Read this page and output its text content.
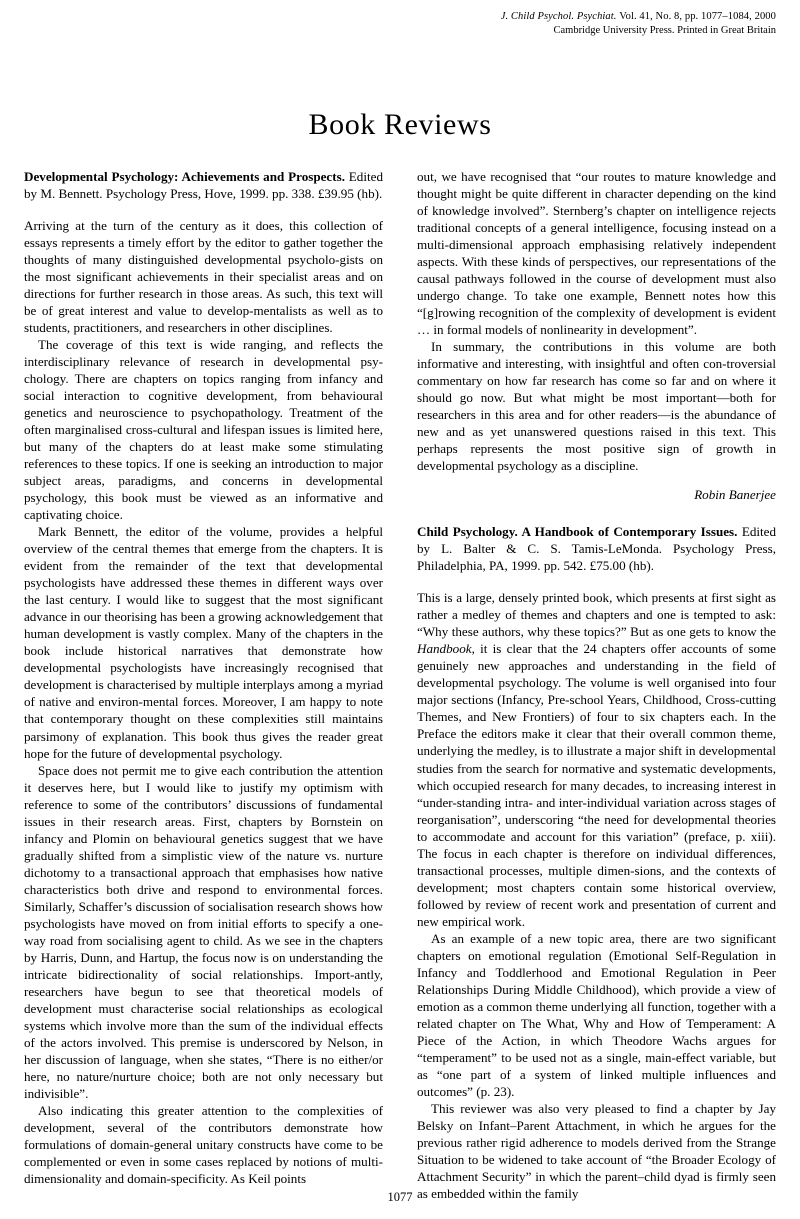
J. Child Psychol. Psychiat. Vol. 41, No. 8, pp. 1077–1084, 2000
Cambridge University Press. Printed in Great Britain
Book Reviews
Developmental Psychology: Achievements and Prospects. Edited by M. Bennett. Psychology Press, Hove, 1999. pp. 338. £39.95 (hb).

Arriving at the turn of the century as it does, this collection of essays represents a timely effort by the editor to gather together the thoughts of many distinguished developmental psycholo-gists on the most significant achievements in their specialist areas and on directions for further research in those areas. As such, this text will be of great interest and value to develop-mentalists as well as to students, practitioners, and researchers in other disciplines.

The coverage of this text is wide ranging, and reflects the interdisciplinary relevance of research in developmental psy-chology. There are chapters on topics ranging from infancy and social interaction to cognitive development, from behavioural genetics and neuroscience to psychopathology. Treatment of the often marginalised cross-cultural and lifespan issues is limited here, but many of the chapters do at least make some stimulating references to these topics. If one is seeking an introduction to major subject areas, paradigms, and concerns in developmental psychology, this book must be viewed as an informative and captivating choice.

Mark Bennett, the editor of the volume, provides a helpful overview of the central themes that emerge from the chapters. It is evident from the remainder of the text that developmental psychologists have addressed these themes in different ways over the last century. I would like to suggest that the most significant advance in our theorising has been a growing acknowledgement that human development is vastly complex. Many of the chapters in the book include historical narratives that demonstrate how developmental psychologists have increasingly recognised that development is characterised by multiple interplays among a myriad of native and environ-mental forces. Moreover, I am happy to note that contemporary thought on these complexities still maintains parsimony of explanation. This book thus gives the reader great hope for the future of developmental psychology.

Space does not permit me to give each contribution the attention it deserves here, but I would like to justify my optimism with reference to some of the contributors’ discussions of fundamental issues in their research areas. First, chapters by Bornstein on infancy and Plomin on behavioural genetics suggest that we have gradually shifted from a simplistic view of the nature vs. nurture dichotomy to a transactional approach that emphasises how native characteristics both drive and respond to environmental forces. Similarly, Schaffer’s discussion of socialisation research shows how psychologists have moved on from initial efforts to specify a one-way road from socialising agent to child. As we see in the chapters by Harris, Dunn, and Hartup, the focus now is on understanding the intricate bidirectionality of social relationships. Import-antly, researchers have begun to see that theoretical models of development must characterise social relationships as ecological systems which involve more than the sum of the individual effects of the actors involved. This premise is underscored by Nelson, in her discussion of language, when she states, “There is no either/or here, no nature/nurture choice; both are not only necessary but indivisible”.

Also indicating this greater attention to the complexities of development, several of the contributors demonstrate how formulations of domain-general unitary constructs have come to be complemented or even in some cases replaced by notions of multi-dimensionality and domain-specificity. As Keil points

out, we have recognised that “our routes to mature knowledge and thought might be quite different in character depending on the kind of knowledge involved”. Sternberg’s chapter on intelligence rejects traditional concepts of a general intelligence, focusing instead on a multi-dimensional approach emphasising relatively independent aspects. With these kinds of perspectives, our representations of the causal pathways followed in the course of development must also undergo change. To take one example, Bennett notes how this “[g]rowing recognition of the complexity of development is evident … in formal models of nonlinearity in development”.

In summary, the contributions in this volume are both informative and interesting, with insightful and often con-troversial commentary on how far research has come so far and on where it should go now. But what might be most important—both for researchers in this area and for other readers—is the abundance of new and as yet unanswered questions raised in this text. This perhaps represents the most positive sign of growth in developmental psychology as a discipline.

Robin Banerjee
Child Psychology. A Handbook of Contemporary Issues. Edited by L. Balter & C. S. Tamis-LeMonda. Psychology Press, Philadelphia, PA, 1999. pp. 542. £75.00 (hb).

This is a large, densely printed book, which presents at first sight as rather a medley of themes and chapters and one is tempted to ask: “Why these authors, why these topics?” But as one gets to know the Handbook, it is clear that the 24 chapters offer accounts of some genuinely new approaches and understanding in the field of developmental psychology. The volume is well organised into four major sections (Infancy, Pre-school Years, Childhood, Cross-cutting Themes, and New Frontiers) of four to six chapters each. In the Preface the editors make it clear that their overall common theme, underlying the medley, is to illustrate a major shift in developmental studies from the search for normative and systematic developments, which occupied research for many decades, to increasing interest in “under-standing intra- and inter-individual variation across stages of reorganisation”, underscoring “the need for developmental theories to accommodate and account for this variation” (preface, p. xiii). The focus in each chapter is therefore on individual differences, transactional processes, multiple dimen-sions, and the contexts of development; most chapters contain some historical overview, followed by review of recent work and presentation of current and new empirical work.

As an example of a new topic area, there are two significant chapters on emotional regulation (Emotional Self-Regulation in Infancy and Toddlerhood and Emotional Regulation in Peer Relationships During Middle Childhood), which provide a view of emotion as a common theme underlying all function, together with a related chapter on The What, Why and How of Temperament: A Piece of the Action, in which Theodore Wachs argues for “temperament” to be used not as a single, main-effect variable, but as “one part of a system of linked multiple influences and outcomes” (p. 23).

This reviewer was also very pleased to find a chapter by Jay Belsky on Infant–Parent Attachment, in which he argues for the previous rather rigid adherence to models derived from the Strange Situation to be widened to take account of “the Broader Ecology of Attachment Security” in which the parent–child dyad is firmly seen as embedded within the family

1077
